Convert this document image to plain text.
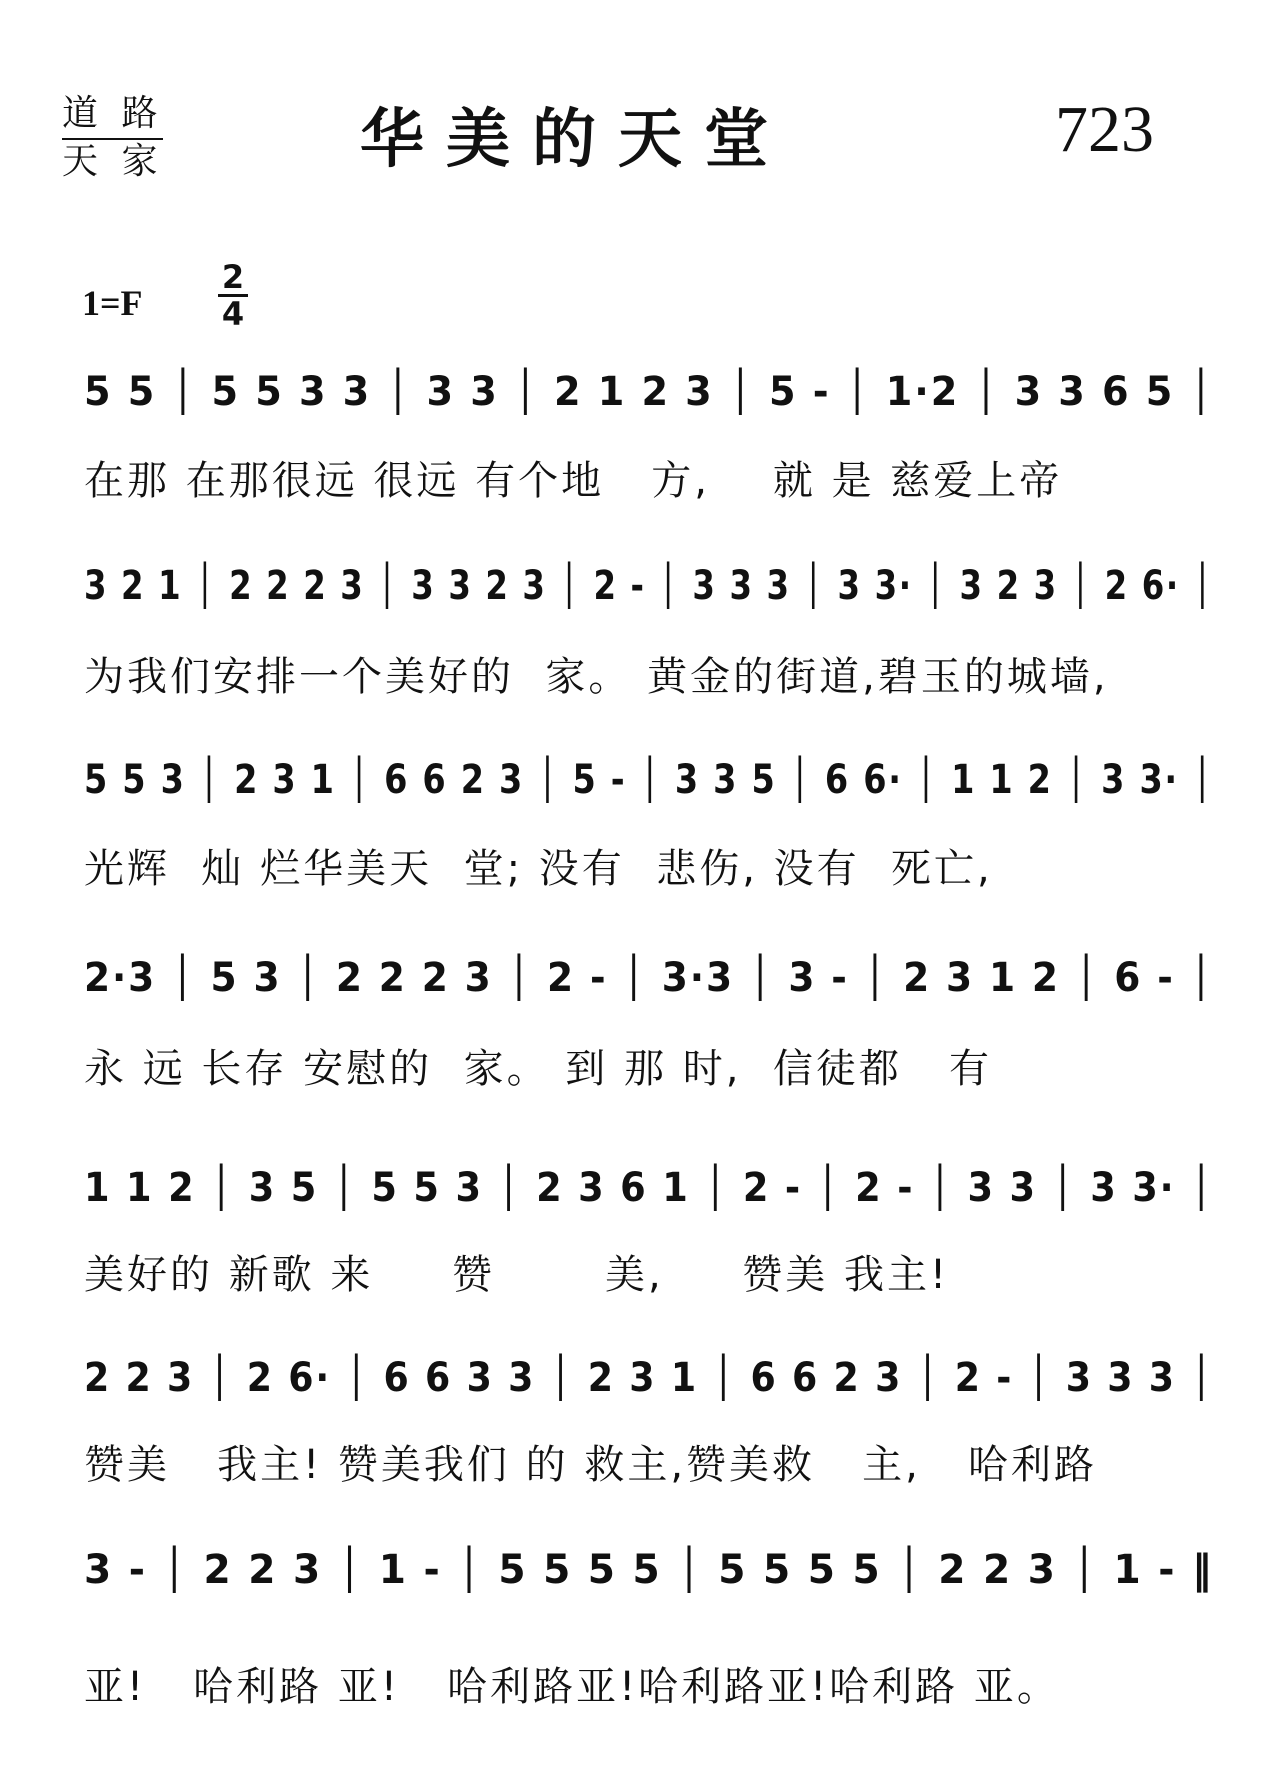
道 路
天 家	华美的天堂	723
$1=F \frac{2}{4}$
5 5 │ 5 5 3 3 │ 3 3 │ 2 1 2 3 │ 5 - │ 1·2 │ 3 3 6 5 │
在那 在那很远 很远 有个地   方,    就 是 慈爱上帝
3 2 1 │ 2 2 2 3 │ 3 3 2 3 │ 2 - │ 3 3 3 │ 3 3· │ 3 2 3 │ 2 6· │
为我们安排一个美好的  家。 黄金的街道,碧玉的城墙,
5 5 3 │ 2 3 1 │ 6 6 2 3 │ 5 - │ 3 3 5 │ 6 6· │ 1 1 2 │ 3 3· │
光辉  灿 烂华美天  堂; 没有  悲伤, 没有  死亡,
2·3 │ 5 3 │ 2 2 2 3 │ 2 - │ 3·3 │ 3 - │ 2 3 1 2 │ 6 - │
永 远 长存 安慰的  家。 到 那 时,  信徒都   有
1 1 2 │ 3 5 │ 5 5 3 │ 2 3 6 1 │ 2 - │ 2 - │ 3 3 │ 3 3· │
美好的 新歌 来     赞       美,     赞美 我主!
2 2 3 │ 2 6· │ 6 6 3 3 │ 2 3 1 │ 6 6 2 3 │ 2 - │ 3 3 3 │
赞美   我主! 赞美我们 的 救主,赞美救   主,   哈利路
3 - │ 2 2 3 │ 1 - │ 5 5 5 5 │ 5 5 5 5 │ 2 2 3 │ 1 - ‖
亚!   哈利路 亚!   哈利路亚!哈利路亚!哈利路 亚。
